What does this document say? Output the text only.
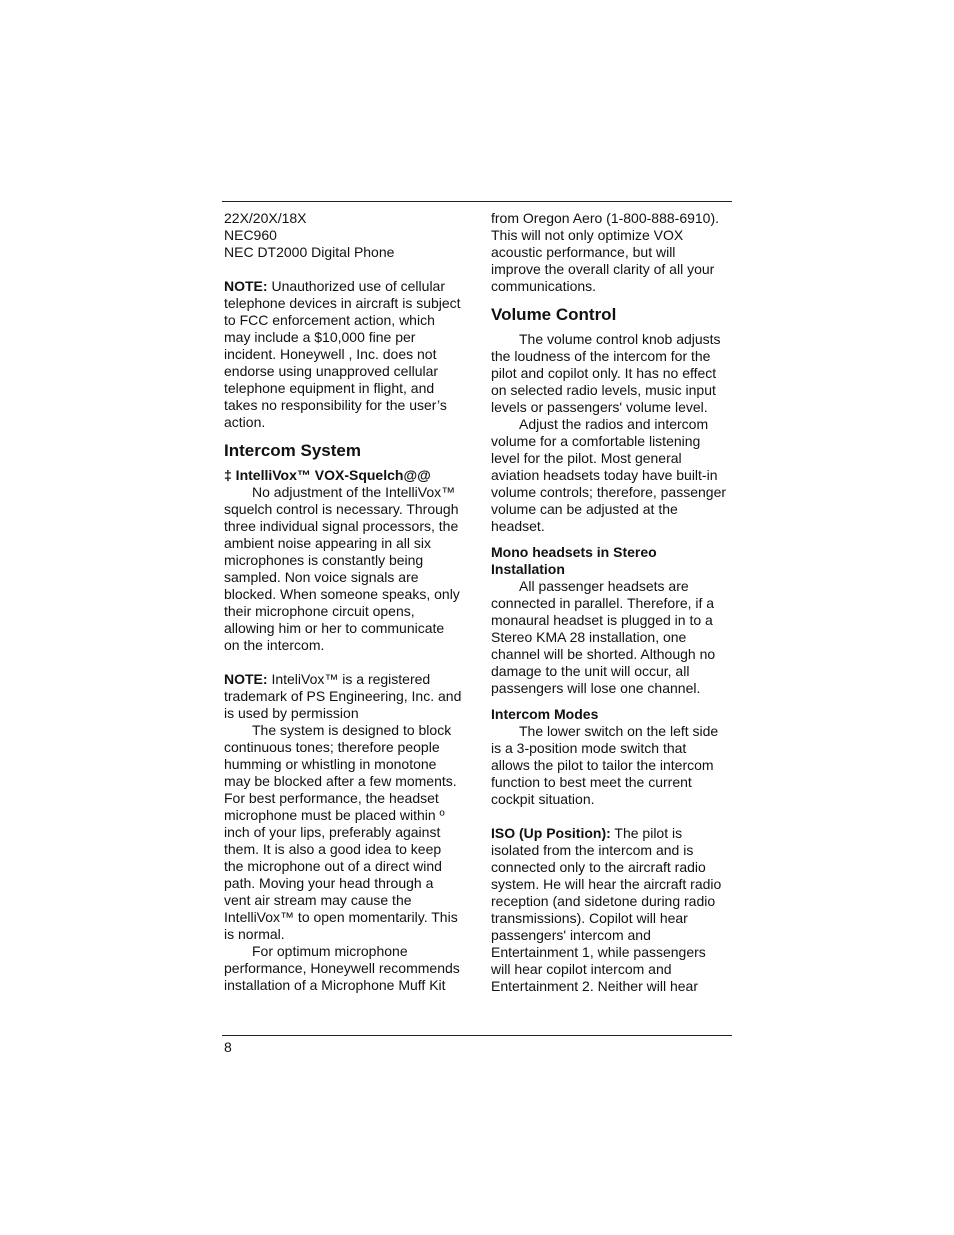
22X/20X/18X
NEC960
NEC DT2000 Digital Phone
NOTE: Unauthorized use of cellular
telephone devices in aircraft is subject
to FCC enforcement action, which
may include a $10,000 fine per
incident. Honeywell , Inc. does not
endorse using unapproved cellular
telephone equipment in flight, and
takes no responsibility for the user’s
action.
Intercom System
‡ IntelliVox™ VOX-Squelch@@
No adjustment of the IntelliVox™
squelch control is necessary. Through
three individual signal processors, the
ambient noise appearing in all six
microphones is constantly being
sampled. Non voice signals are
blocked. When someone speaks, only
their microphone circuit opens,
allowing him or her to communicate
on the intercom.
NOTE: InteliVox™ is a registered
trademark of PS Engineering, Inc. and
is used by permission
The system is designed to block
continuous tones; therefore people
humming or whistling in monotone
may be blocked after a few moments.
For best performance, the headset
microphone must be placed within º
inch of your lips, preferably against
them. It is also a good idea to keep
the microphone out of a direct wind
path. Moving your head through a
vent air stream may cause the
IntelliVox™ to open momentarily. This
is normal.
For optimum microphone
performance, Honeywell recommends
installation of a Microphone Muff Kit
from Oregon Aero (1-800-888-6910).
This will not only optimize VOX
acoustic performance, but will
improve the overall clarity of all your
communications.
Volume Control
The volume control knob adjusts
the loudness of the intercom for the
pilot and copilot only. It has no effect
on selected radio levels, music input
levels or passengers' volume level.
Adjust the radios and intercom
volume for a comfortable listening
level for the pilot. Most general
aviation headsets today have built-in
volume controls; therefore, passenger
volume can be adjusted at the
headset.
Mono headsets in Stereo
Installation
All passenger headsets are
connected in parallel. Therefore, if a
monaural headset is plugged in to a
Stereo KMA 28 installation, one
channel will be shorted. Although no
damage to the unit will occur, all
passengers will lose one channel.
Intercom Modes
The lower switch on the left side
is a 3-position mode switch that
allows the pilot to tailor the intercom
function to best meet the current
cockpit situation.
ISO (Up Position): The pilot is
isolated from the intercom and is
connected only to the aircraft radio
system. He will hear the aircraft radio
reception (and sidetone during radio
transmissions). Copilot will hear
passengers' intercom and
Entertainment 1, while passengers
will hear copilot intercom and
Entertainment 2. Neither will hear
8
